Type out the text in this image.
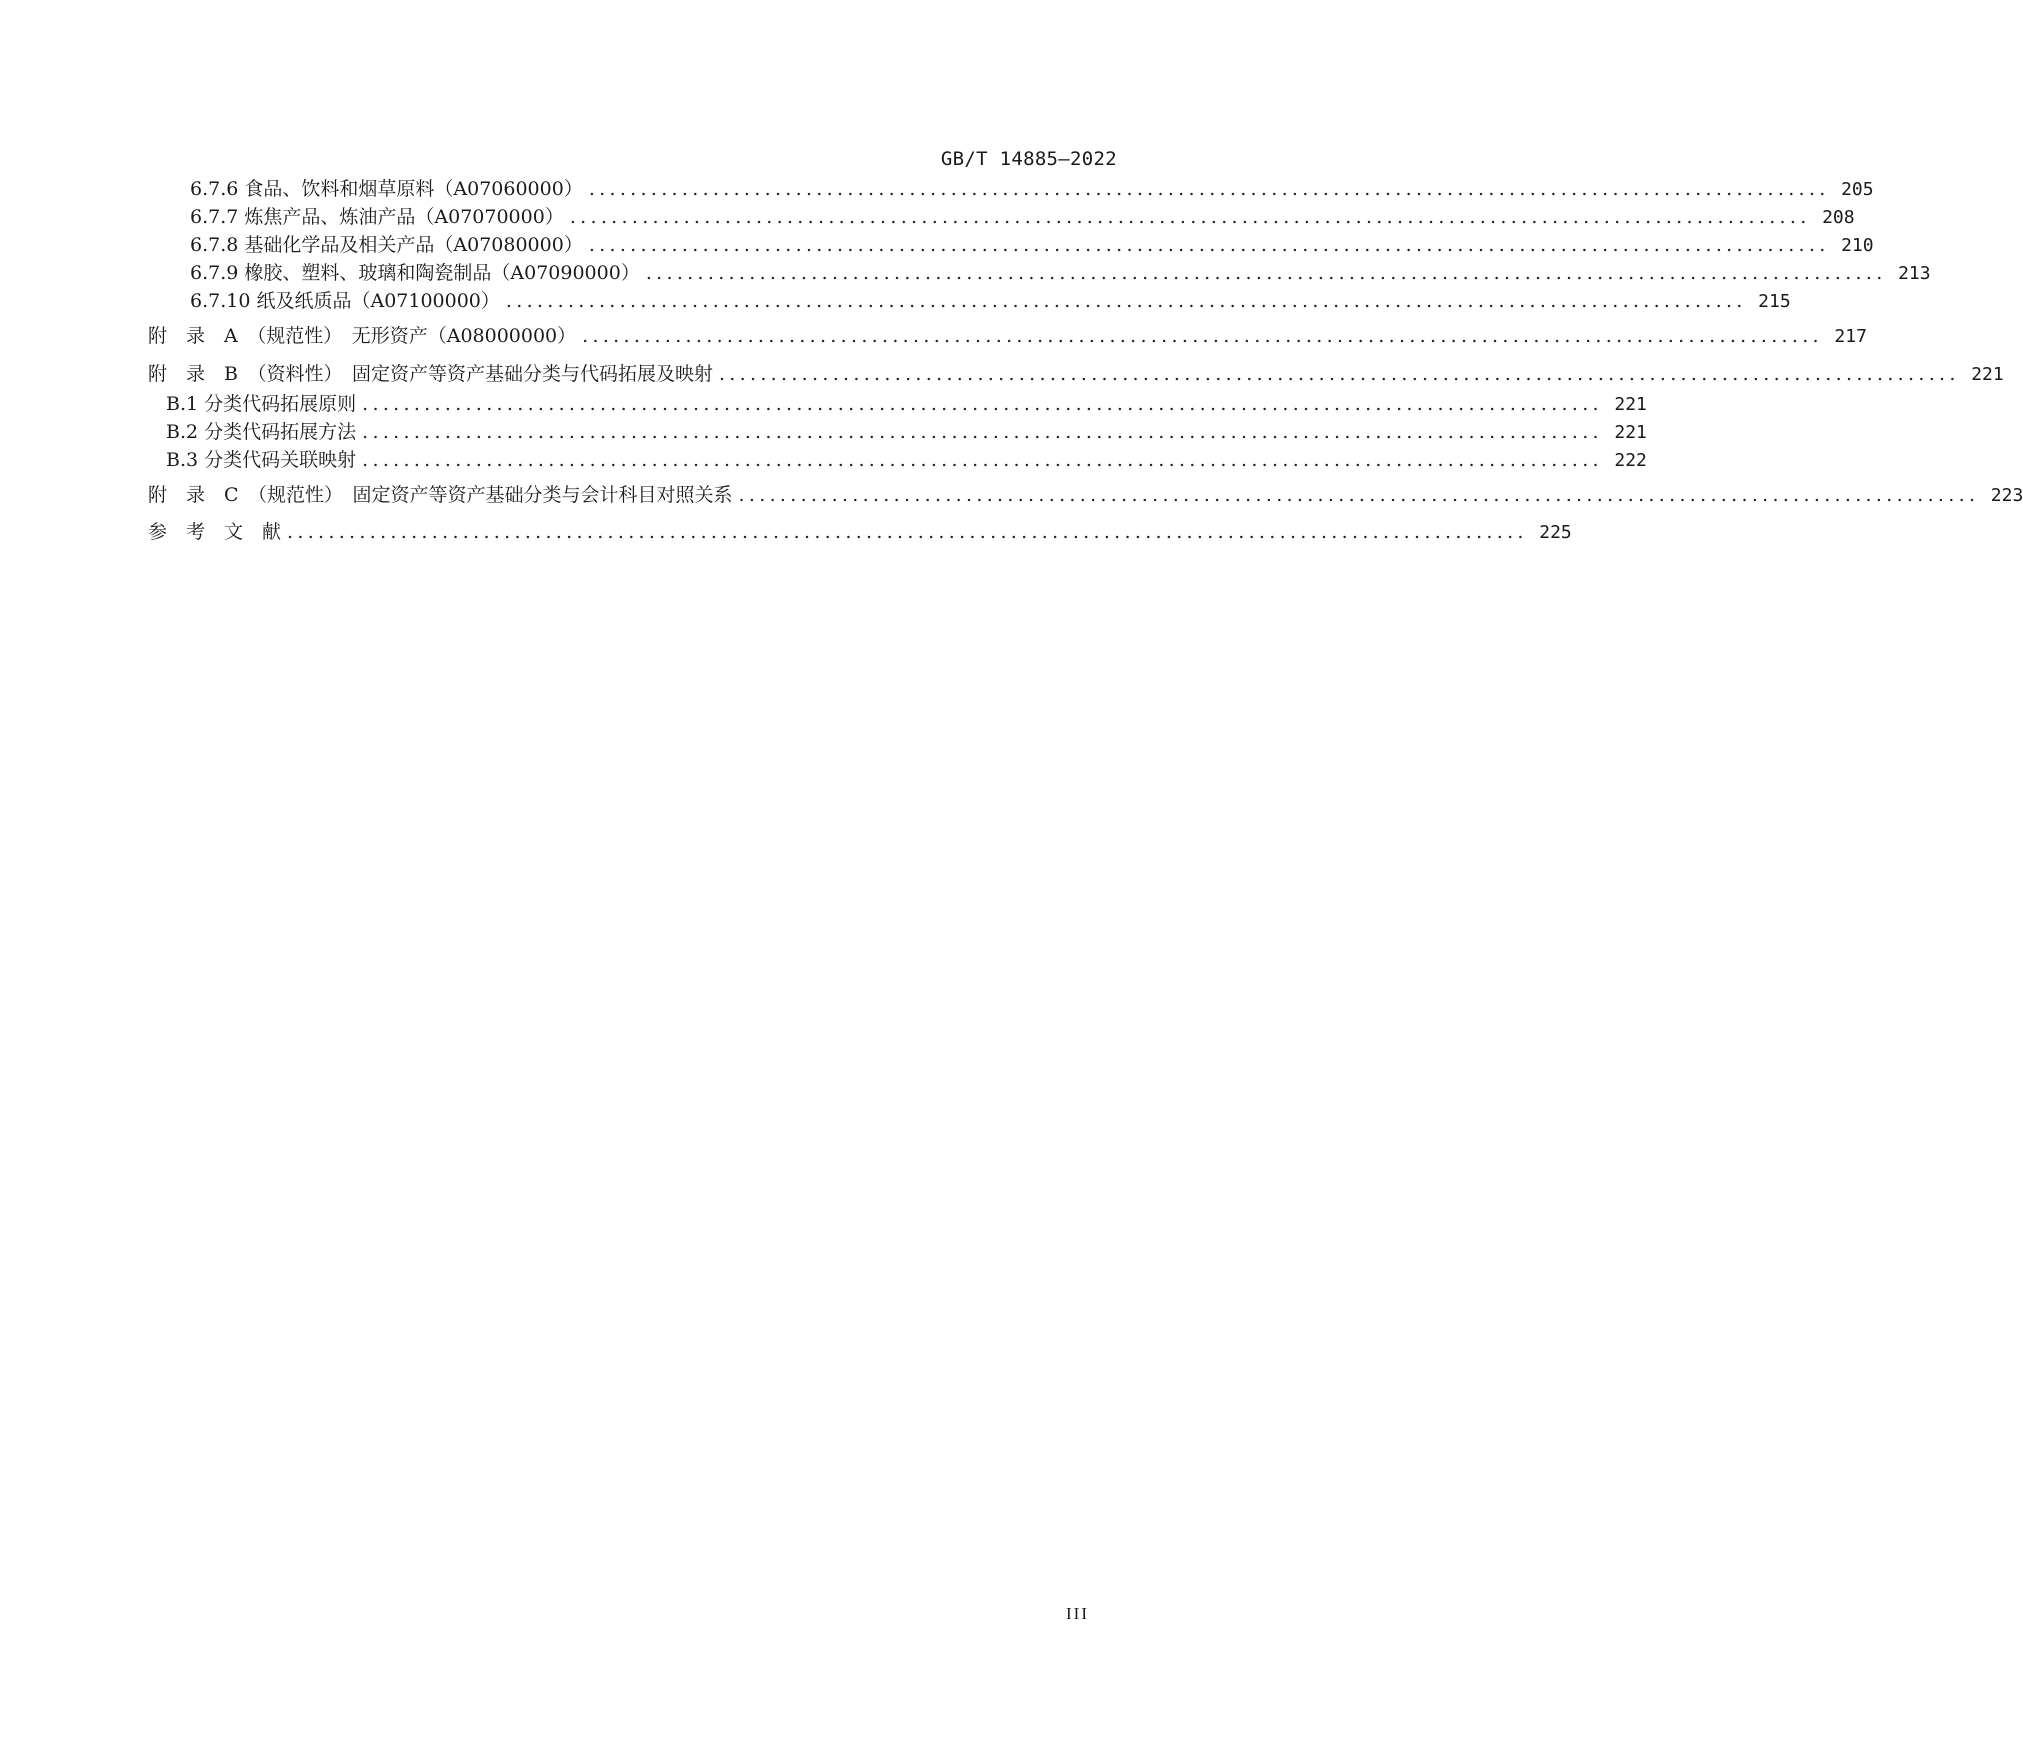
GB/T 14885—2022
6.7.6 食品、饮料和烟草原料（A07060000） ........................................................................................................................ 205
6.7.7 炼焦产品、炼油产品（A07070000） ........................................................................................................................ 208
6.7.8 基础化学品及相关产品（A07080000） ........................................................................................................................ 210
6.7.9 橡胶、塑料、玻璃和陶瓷制品（A07090000） ........................................................................................................................ 213
6.7.10 纸及纸质品（A07100000） ........................................................................................................................ 215
附　录　A　（规范性）　无形资产（A08000000） ........................................................................................................................ 217
附　录　B　（资料性）　固定资产等资产基础分类与代码拓展及映射 ........................................................................................................................ 221
B.1 分类代码拓展原则 ........................................................................................................................ 221
B.2 分类代码拓展方法 ........................................................................................................................ 221
B.3 分类代码关联映射 ........................................................................................................................ 222
附　录　C　（规范性）　固定资产等资产基础分类与会计科目对照关系 ........................................................................................................................ 223
参　考　文　献 ........................................................................................................................ 225
III
